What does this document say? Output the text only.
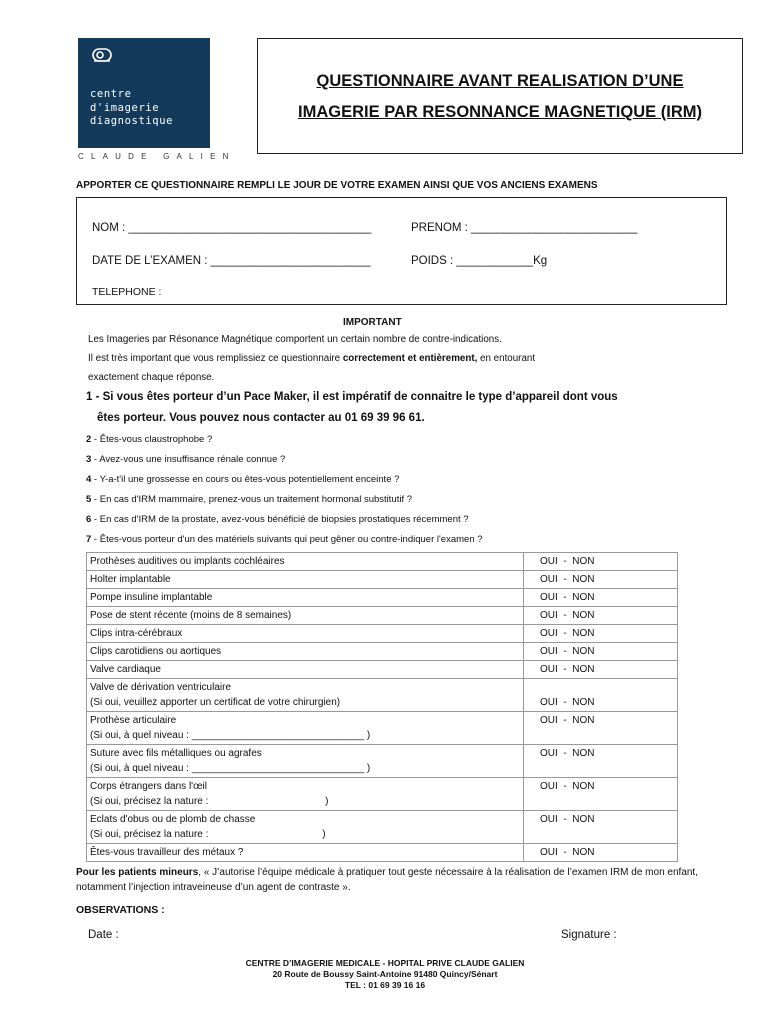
centre
d'imagerie
diagnostique
CLAUDE GALIEN
QUESTIONNAIRE AVANT REALISATION D’UNE
IMAGERIE PAR RESONNANCE MAGNETIQUE (IRM)
APPORTER CE QUESTIONNAIRE REMPLI LE JOUR DE VOTRE EXAMEN AINSI QUE VOS ANCIENS EXAMENS
NOM : ______________________________________	PRENOM : __________________________
DATE DE L’EXAMEN : _________________________	POIDS : ____________Kg
TELEPHONE :
IMPORTANT
Les Imageries par Résonance Magnétique comportent un certain nombre de contre-indications.
Il est très important que vous remplissiez ce questionnaire correctement et entièrement, en entourant
exactement chaque réponse.
1 - Si vous êtes porteur d’un Pace Maker, il est impératif de connaitre le type d’appareil dont vous
êtes porteur. Vous pouvez nous contacter au 01 69 39 96 61.
2 - Êtes-vous claustrophobe ?
3 - Avez-vous une insuffisance rénale connue ?
4 - Y-a-t'il une grossesse en cours ou êtes-vous potentiellement enceinte ?
5 - En cas d'IRM mammaire, prenez-vous un traitement hormonal substitutif ?
6 - En cas d'IRM de la prostate, avez-vous bénéficié de biopsies prostatiques récemment ?
7 - Êtes-vous porteur d'un des matériels suivants qui peut gêner ou contre-indiquer l'examen ?
Prothèses auditives ou implants cochléaires	OUI  -  NON

Holter implantable	OUI  -  NON

Pompe insuline implantable	OUI  -  NON

Pose de stent récente (moins de 8 semaines)	OUI  -  NON

Clips intra-cérébraux	OUI  -  NON

Clips carotidiens ou aortiques	OUI  -  NON

Valve cardiaque	OUI  -  NON

Valve de dérivation ventriculaire
(Si oui, veuillez apporter un certificat de votre chirurgien)	
OUI  -  NON

Prothèse articulaire
(Si oui, à quel niveau : _______________________________ )	OUI  -  NON

Suture avec fils métalliques ou agrafes
(Si oui, à quel niveau : _______________________________ )	OUI  -  NON

Corps étrangers dans l'œil
(Si oui, précisez la nature :                                          )	OUI  -  NON

Eclats d'obus ou de plomb de chasse
(Si oui, précisez la nature :                                         )	OUI  -  NON

Êtes-vous travailleur des métaux ?	OUI  -  NON
Pour les patients mineurs, « J’autorise l’équipe médicale à pratiquer tout geste nécessaire à la réalisation de l’examen IRM de mon enfant, notamment l’injection intraveineuse d’un agent de contraste ».
OBSERVATIONS :
Date :	Signature :
CENTRE D’IMAGERIE MEDICALE - HOPITAL PRIVE CLAUDE GALIEN
20 Route de Boussy Saint-Antoine 91480 Quincy/Sénart
TEL : 01 69 39 16 16
